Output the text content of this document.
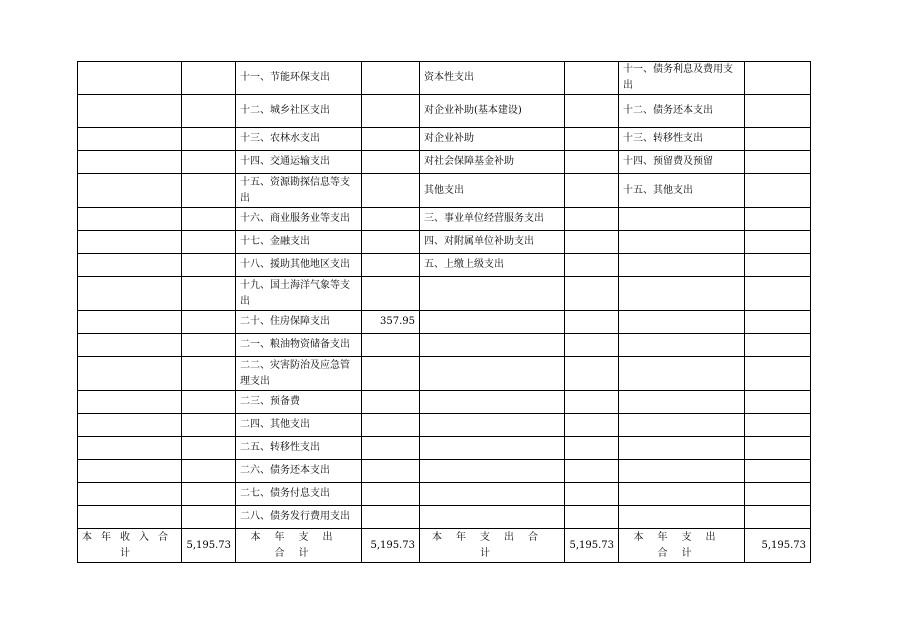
		十一、节能环保支出		资本性支出		十一、债务利息及费用支出	
		十二、城乡社区支出		对企业补助(基本建设)		十二、债务还本支出	
		十三、农林水支出		对企业补助		十三、转移性支出	
		十四、交通运输支出		对社会保障基金补助		十四、预留费及预留	
		十五、资源勘探信息等支出		其他支出		十五、其他支出	
		十六、商业服务业等支出		三、事业单位经营服务支出			
		十七、金融支出		四、对附属单位补助支出			
		十八、援助其他地区支出		五、上缴上级支出			
		十九、国土海洋气象等支出					
		二十、住房保障支出	357.95				
		二一、粮油物资储备支出					
		二二、灾害防治及应急管理支出					
		二三、预备费					
		二四、其他支出					
		二五、转移性支出					
		二六、债务还本支出					
		二七、债务付息支出					
		二八、债务发行费用支出					
本年收入合计	5,195.73	本年支出合计	5,195.73	本年支出合计	5,195.73	本年支出合计	5,195.73
